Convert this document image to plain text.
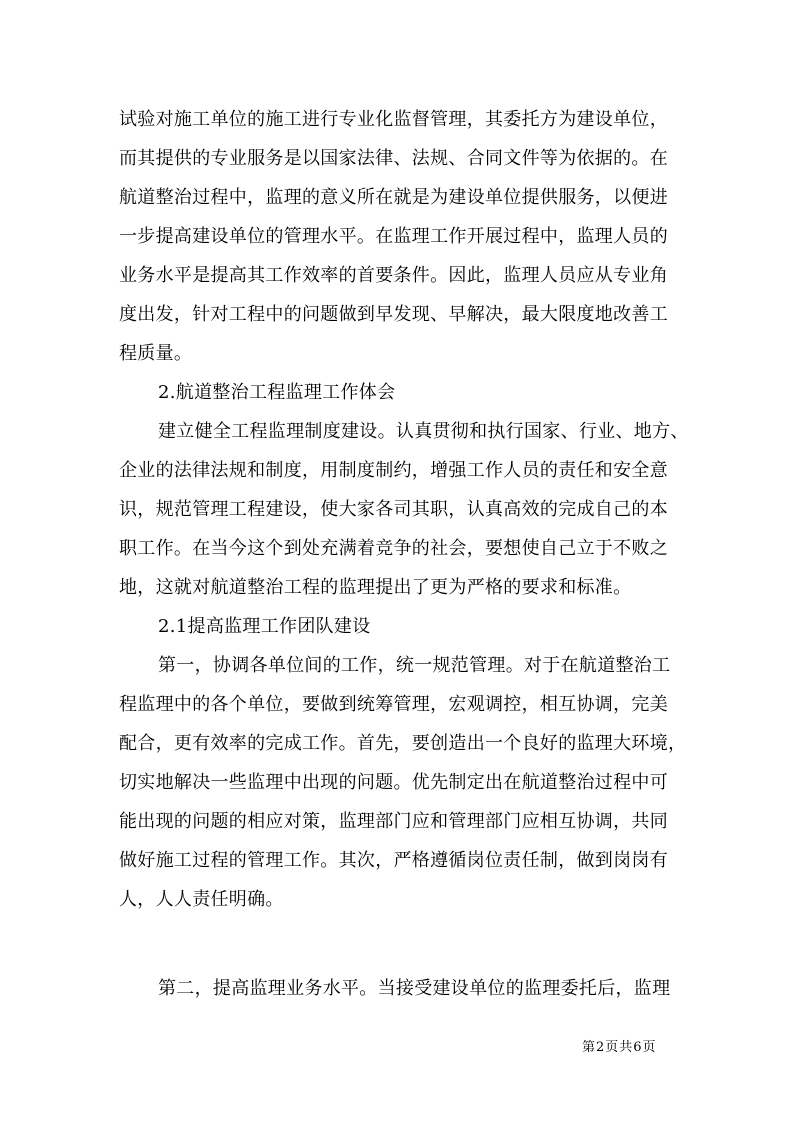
试验对施工单位的施工进行专业化监督管理，其委托方为建设单位，
而其提供的专业服务是以国家法律、法规、合同文件等为依据的。在
航道整治过程中，监理的意义所在就是为建设单位提供服务，以便进
一步提高建设单位的管理水平。在监理工作开展过程中，监理人员的
业务水平是提高其工作效率的首要条件。因此，监理人员应从专业角
度出发，针对工程中的问题做到早发现、早解决，最大限度地改善工
程质量。
2.航道整治工程监理工作体会
建立健全工程监理制度建设。认真贯彻和执行国家、行业、地方、
企业的法律法规和制度，用制度制约，增强工作人员的责任和安全意
识，规范管理工程建设，使大家各司其职，认真高效的完成自己的本
职工作。在当今这个到处充满着竞争的社会，要想使自己立于不败之
地，这就对航道整治工程的监理提出了更为严格的要求和标准。
2.1提高监理工作团队建设
第一，协调各单位间的工作，统一规范管理。对于在航道整治工
程监理中的各个单位，要做到统筹管理，宏观调控，相互协调，完美
配合，更有效率的完成工作。首先，要创造出一个良好的监理大环境，
切实地解决一些监理中出现的问题。优先制定出在航道整治过程中可
能出现的问题的相应对策，监理部门应和管理部门应相互协调，共同
做好施工过程的管理工作。其次，严格遵循岗位责任制，做到岗岗有
人，人人责任明确。
第二，提高监理业务水平。当接受建设单位的监理委托后，监理
第2页共6页
